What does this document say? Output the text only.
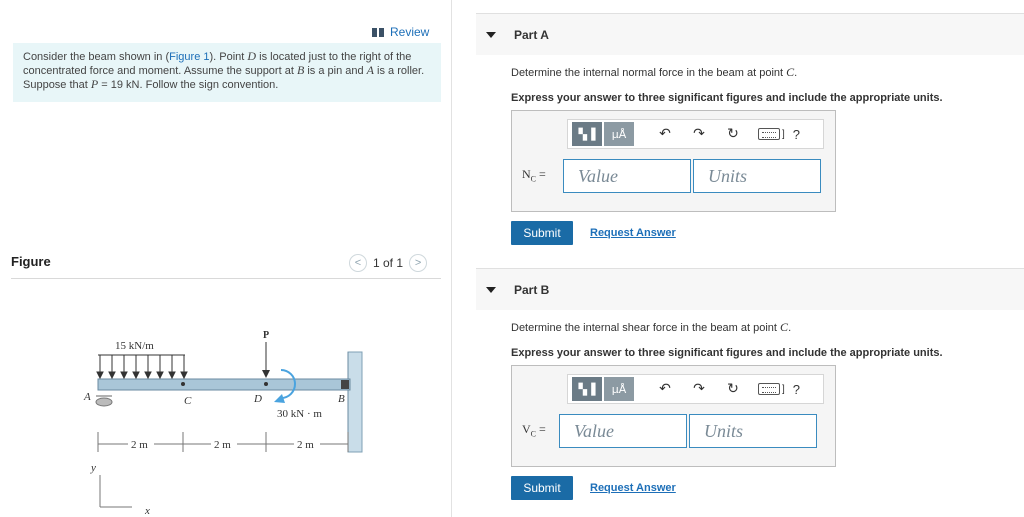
Review
Consider the beam shown in (Figure 1). Point D is located just to the right of the concentrated force and moment. Assume the support at B is a pin and A is a roller. Suppose that P = 19 kN. Follow the sign convention.
Figure	< 1 of 1	>
15 kN/m
P
30 kN · m
A	C	D	B
2 m	2 m	2 m
y
x
Part A
Determine the internal normal force in the beam at point C.
Express your answer to three significant figures and include the appropriate units.
▚▐	μÅ	↶	↷	↻	] ?
$N_C$ =	Value	Units
Submit	Request Answer
Part B
Determine the internal shear force in the beam at point C.
Express your answer to three significant figures and include the appropriate units.
▚▐	μÅ	↶	↷	↻	] ?
$V_C$ =	Value	Units
Submit	Request Answer
